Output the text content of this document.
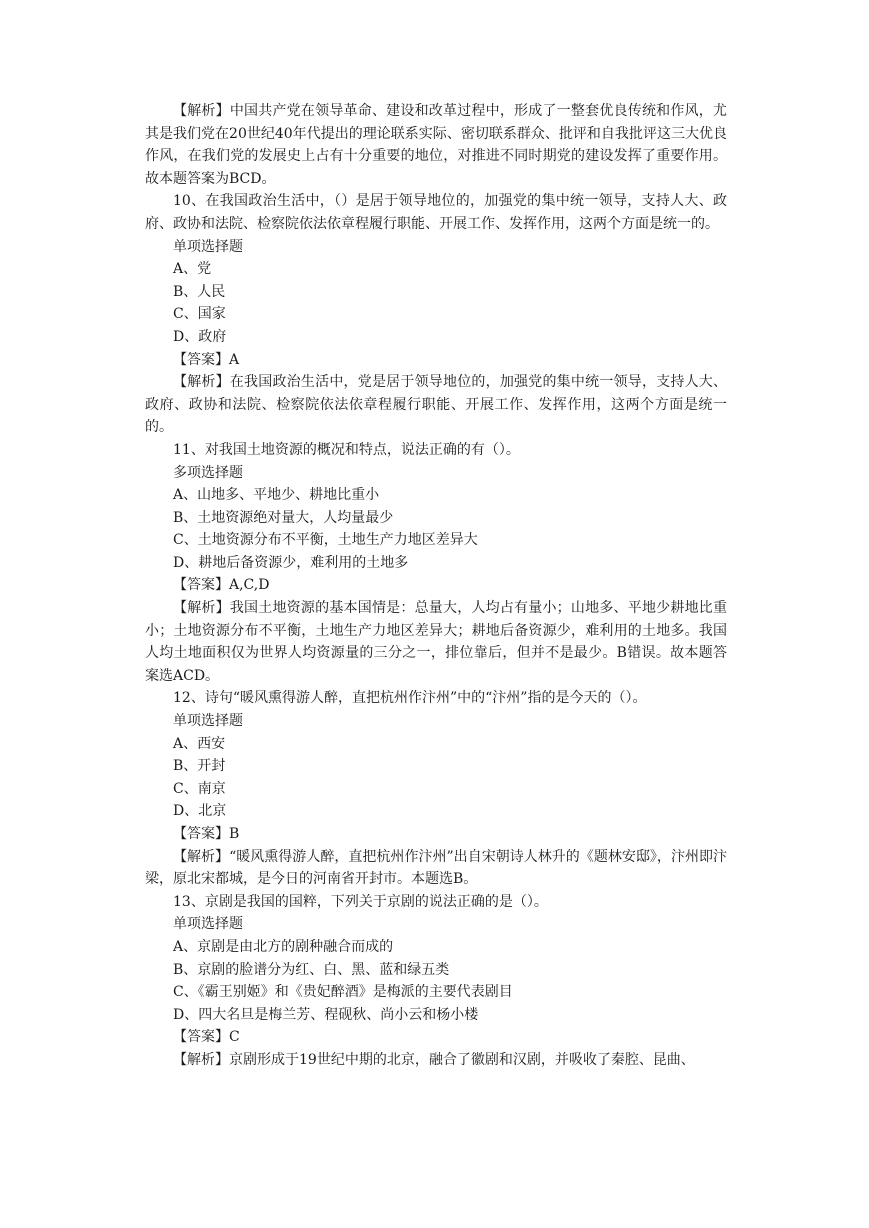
【解析】中国共产党在领导革命、建设和改革过程中，形成了一整套优良传统和作风，尤其是我们党在20世纪40年代提出的理论联系实际、密切联系群众、批评和自我批评这三大优良作风，在我们党的发展史上占有十分重要的地位，对推进不同时期党的建设发挥了重要作用。故本题答案为BCD。

10、在我国政治生活中，（）是居于领导地位的，加强党的集中统一领导，支持人大、政府、政协和法院、检察院依法依章程履行职能、开展工作、发挥作用，这两个方面是统一的。

单项选择题

A、党

B、人民

C、国家

D、政府

【答案】A

【解析】在我国政治生活中，党是居于领导地位的，加强党的集中统一领导，支持人大、政府、政协和法院、检察院依法依章程履行职能、开展工作、发挥作用，这两个方面是统一的。

11、对我国土地资源的概况和特点，说法正确的有（）。

多项选择题

A、山地多、平地少、耕地比重小

B、土地资源绝对量大，人均量最少

C、土地资源分布不平衡，土地生产力地区差异大

D、耕地后备资源少，难利用的土地多

【答案】A,C,D

【解析】我国土地资源的基本国情是：总量大，人均占有量小；山地多、平地少耕地比重小；土地资源分布不平衡，土地生产力地区差异大；耕地后备资源少，难利用的土地多。我国人均土地面积仅为世界人均资源量的三分之一，排位靠后，但并不是最少。B错误。故本题答案选ACD。

12、诗句“暖风熏得游人醉，直把杭州作汴州”中的“汴州”指的是今天的（）。

单项选择题

A、西安

B、开封

C、南京

D、北京

【答案】B

【解析】“暖风熏得游人醉，直把杭州作汴州”出自宋朝诗人林升的《题林安邸》，汴州即汴梁，原北宋都城，是今日的河南省开封市。本题选B。

13、京剧是我国的国粹，下列关于京剧的说法正确的是（）。

单项选择题

A、京剧是由北方的剧种融合而成的

B、京剧的脸谱分为红、白、黑、蓝和绿五类

C、《霸王别姬》和《贵妃醉酒》是梅派的主要代表剧目

D、四大名旦是梅兰芳、程砚秋、尚小云和杨小楼

【答案】C

【解析】京剧形成于19世纪中期的北京，融合了徽剧和汉剧，并吸收了秦腔、昆曲、
